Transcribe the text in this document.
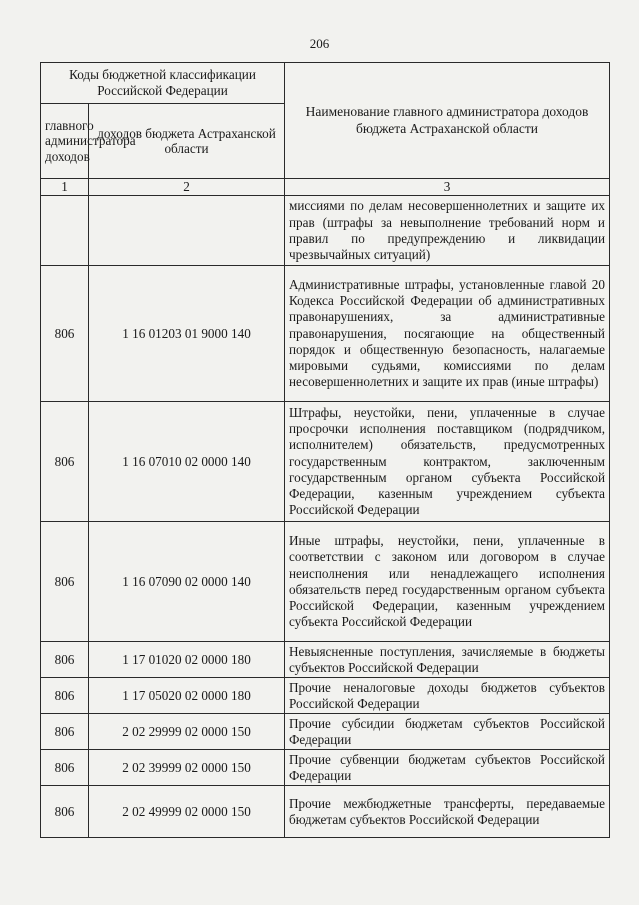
206
Коды бюджетной классификации Российской Федерации		Наименование главного администратора доходов бюджета Астраханской области
главного администратора доходов	доходов бюджета Астраханской области	
1	2	3
		миссиями по делам несовершеннолетних и защите их прав (штрафы за невыполнение требований норм и правил по предупреждению и ликвидации чрезвычайных ситуаций)
806	1 16 01203 01 9000 140	Административные штрафы, установленные главой 20 Кодекса Российской Федерации об административных правонарушениях, за административные правонарушения, посягающие на общественный порядок и общественную безопасность, налагаемые мировыми судьями, комиссиями по делам несовершеннолетних и защите их прав (иные штрафы)
806	1 16 07010 02 0000 140	Штрафы, неустойки, пени, уплаченные в случае просрочки исполнения поставщиком (подрядчиком, исполнителем) обязательств, предусмотренных государственным контрактом, заключенным государственным органом субъекта Российской Федерации, казенным учреждением субъекта Российской Федерации
806	1 16 07090 02 0000 140	Иные штрафы, неустойки, пени, уплаченные в соответствии с законом или договором в случае неисполнения или ненадлежащего исполнения обязательств перед государственным органом субъекта Российской Федерации, казенным учреждением субъекта Российской Федерации
806	1 17 01020 02 0000 180	Невыясненные поступления, зачисляемые в бюджеты субъектов Российской Федерации
806	1 17 05020 02 0000 180	Прочие неналоговые доходы бюджетов субъектов Российской Федерации
806	2 02 29999 02 0000 150	Прочие субсидии бюджетам субъектов Российской Федерации
806	2 02 39999 02 0000 150	Прочие субвенции бюджетам субъектов Российской Федерации
806	2 02 49999 02 0000 150	Прочие межбюджетные трансферты, передаваемые бюджетам субъектов Российской Федерации
